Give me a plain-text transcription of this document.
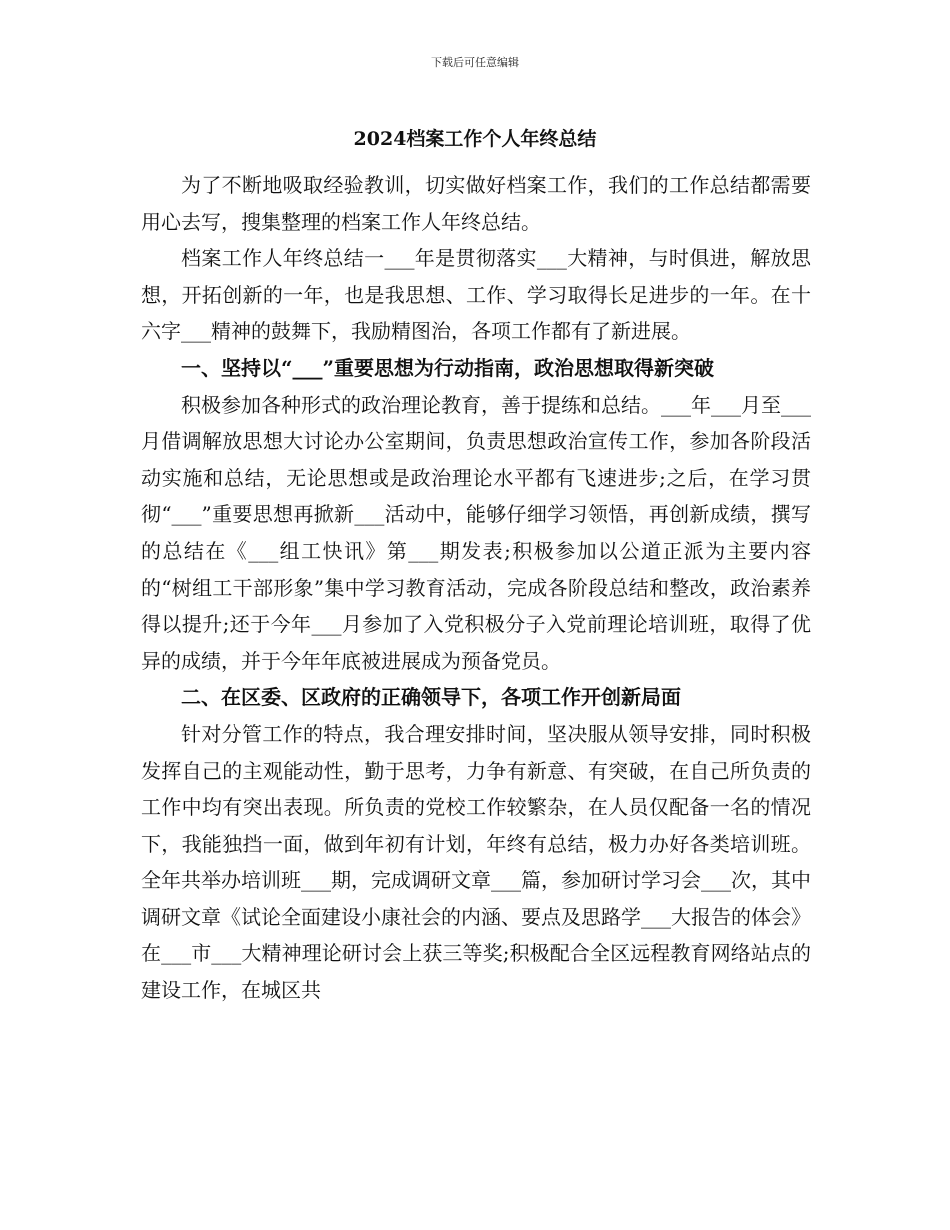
下载后可任意编辑
2024档案工作个人年终总结

为了不断地吸取经验教训，切实做好档案工作，我们的工作总结都需要用心去写，搜集整理的档案工作人年终总结。

档案工作人年终总结一___年是贯彻落实___大精神，与时俱进，解放思想，开拓创新的一年，也是我思想、工作、学习取得长足进步的一年。在十六字___精神的鼓舞下，我励精图治，各项工作都有了新进展。

一、坚持以“___”重要思想为行动指南，政治思想取得新突破

积极参加各种形式的政治理论教育，善于提练和总结。___年___月至___月借调解放思想大讨论办公室期间，负责思想政治宣传工作，参加各阶段活动实施和总结，无论思想或是政治理论水平都有飞速进步;之后，在学习贯彻“___”重要思想再掀新___活动中，能够仔细学习领悟，再创新成绩，撰写的总结在《___组工快讯》第___期发表;积极参加以公道正派为主要内容的“树组工干部形象”集中学习教育活动，完成各阶段总结和整改，政治素养得以提升;还于今年___月参加了入党积极分子入党前理论培训班，取得了优异的成绩，并于今年年底被进展成为预备党员。

二、在区委、区政府的正确领导下，各项工作开创新局面

针对分管工作的特点，我合理安排时间，坚决服从领导安排，同时积极发挥自己的主观能动性，勤于思考，力争有新意、有突破，在自己所负责的工作中均有突出表现。所负责的党校工作较繁杂，在人员仅配备一名的情况下，我能独挡一面，做到年初有计划，年终有总结，极力办好各类培训班。全年共举办培训班___期，完成调研文章___篇，参加研讨学习会___次，其中调研文章《试论全面建设小康社会的内涵、要点及思路学___大报告的体会》在___市___大精神理论研讨会上获三等奖;积极配合全区远程教育网络站点的建设工作，在城区共
